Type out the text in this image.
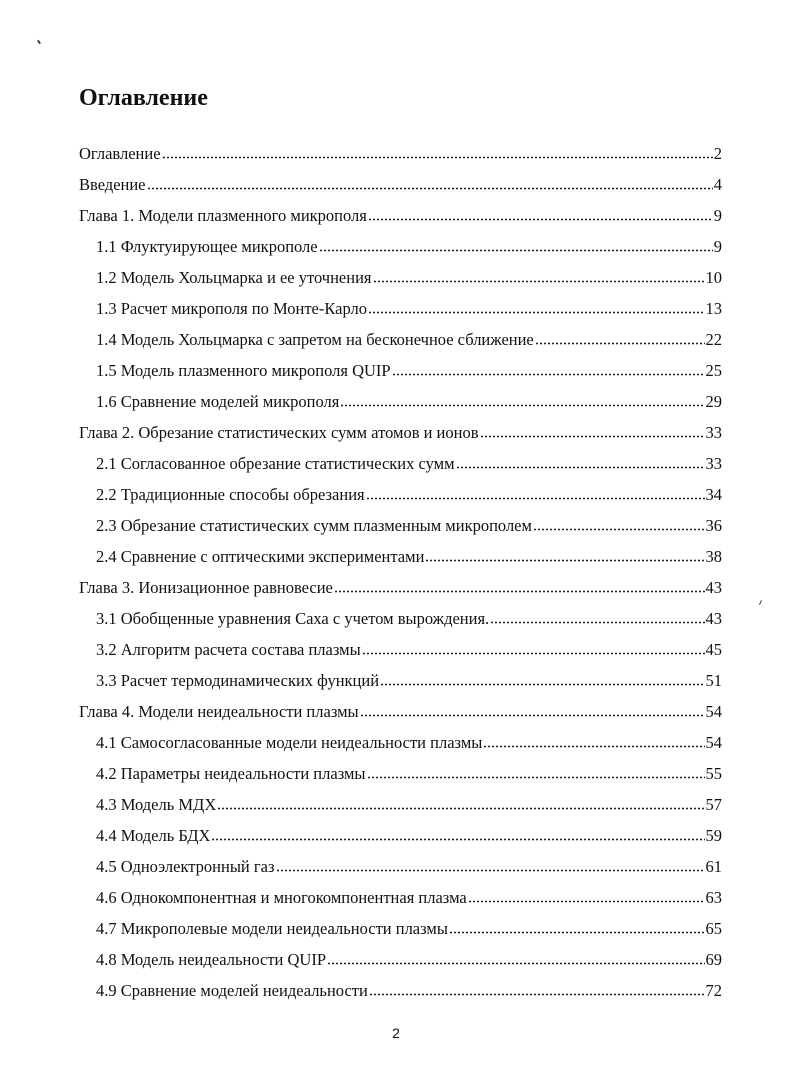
Оглавление
Оглавление	2
Введение	4
Глава 1. Модели плазменного микрополя	9
1.1 Флуктуирующее микрополе	9
1.2 Модель Хольцмарка и ее уточнения	10
1.3 Расчет микрополя по Монте-Карло	13
1.4 Модель Хольцмарка с запретом на бесконечное сближение	22
1.5 Модель плазменного микрополя QUIP	25
1.6 Сравнение моделей микрополя	29
Глава 2. Обрезание статистических сумм атомов и ионов	33
2.1 Согласованное обрезание статистических сумм	33
2.2 Традиционные способы обрезания	34
2.3 Обрезание статистических сумм плазменным микрополем	36
2.4 Сравнение с оптическими экспериментами	38
Глава 3. Ионизационное равновесие	43
3.1 Обобщенные уравнения Саха с учетом вырождения.	43
3.2 Алгоритм расчета состава плазмы	45
3.3 Расчет термодинамических функций	51
Глава 4. Модели неидеальности плазмы	54
4.1 Самосогласованные модели неидеальности плазмы	54
4.2 Параметры неидеальности плазмы	55
4.3 Модель МДХ	57
4.4 Модель БДХ	59
4.5 Одноэлектронный газ	61
4.6 Однокомпонентная и многокомпонентная плазма	63
4.7 Микрополевые модели неидеальности плазмы	65
4.8 Модель неидеальности QUIP	69
4.9 Сравнение моделей неидеальности	72
2
